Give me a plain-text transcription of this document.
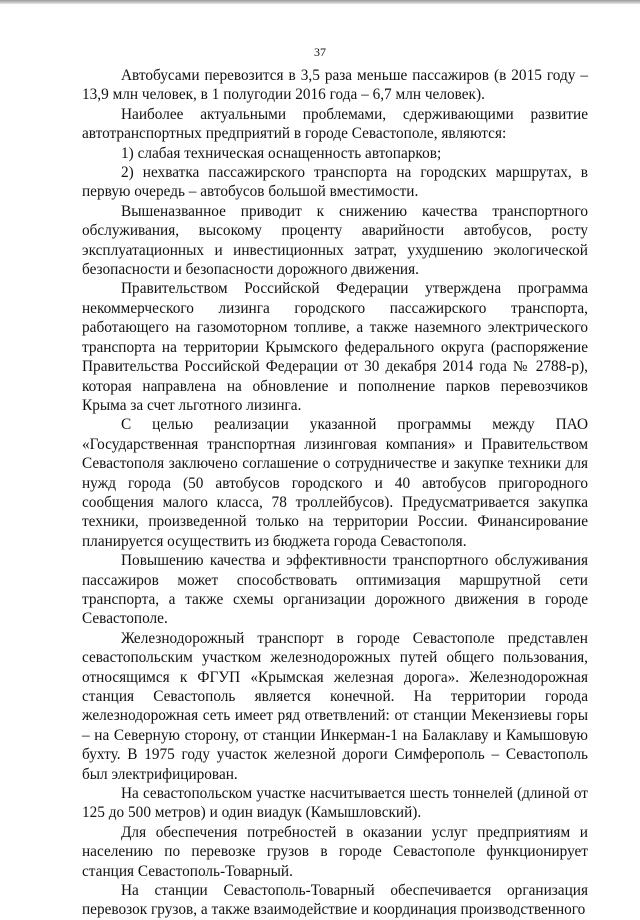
37

Автобусами перевозится в 3,5 раза меньше пассажиров (в 2015 году – 13,9 млн человек, в 1 полугодии 2016 года – 6,7 млн человек).

Наиболее актуальными проблемами, сдерживающими развитие автотранспортных предприятий в городе Севастополе, являются:

1) слабая техническая оснащенность автопарков;

2) нехватка пассажирского транспорта на городских маршрутах, в первую очередь – автобусов большой вместимости.

Вышеназванное приводит к снижению качества транспортного обслуживания, высокому проценту аварийности автобусов, росту эксплуатационных и инвестиционных затрат, ухудшению экологической безопасности и безопасности дорожного движения.

Правительством Российской Федерации утверждена программа некоммерческого лизинга городского пассажирского транспорта, работающего на газомоторном топливе, а также наземного электрического транспорта на территории Крымского федерального округа (распоряжение Правительства Российской Федерации от 30 декабря 2014 года № 2788-р), которая направлена на обновление и пополнение парков перевозчиков Крыма за счет льготного лизинга.

С целью реализации указанной программы между ПАО «Государственная транспортная лизинговая компания» и Правительством Севастополя заключено соглашение о сотрудничестве и закупке техники для нужд города (50 автобусов городского и 40 автобусов пригородного сообщения малого класса, 78 троллейбусов). Предусматривается закупка техники, произведенной только на территории России. Финансирование планируется осуществить из бюджета города Севастополя.

Повышению качества и эффективности транспортного обслуживания пассажиров может способствовать оптимизация маршрутной сети транспорта, а также схемы организации дорожного движения в городе Севастополе.

Железнодорожный транспорт в городе Севастополе представлен севастопольским участком железнодорожных путей общего пользования, относящимся к ФГУП «Крымская железная дорога». Железнодорожная станция Севастополь является конечной. На территории города железнодорожная сеть имеет ряд ответвлений: от станции Мекензиевы горы – на Северную сторону, от станции Инкерман-1 на Балаклаву и Камышовую бухту. В 1975 году участок железной дороги Симферополь – Севастополь был электрифицирован.

На севастопольском участке насчитывается шесть тоннелей (длиной от 125 до 500 метров) и один виадук (Камышловский).

Для обеспечения потребностей в оказании услуг предприятиям и населению по перевозке грузов в городе Севастополе функционирует станция Севастополь-Товарный.

На станции Севастополь-Товарный обеспечивается организация перевозок грузов, а также взаимодействие и координация производственного
